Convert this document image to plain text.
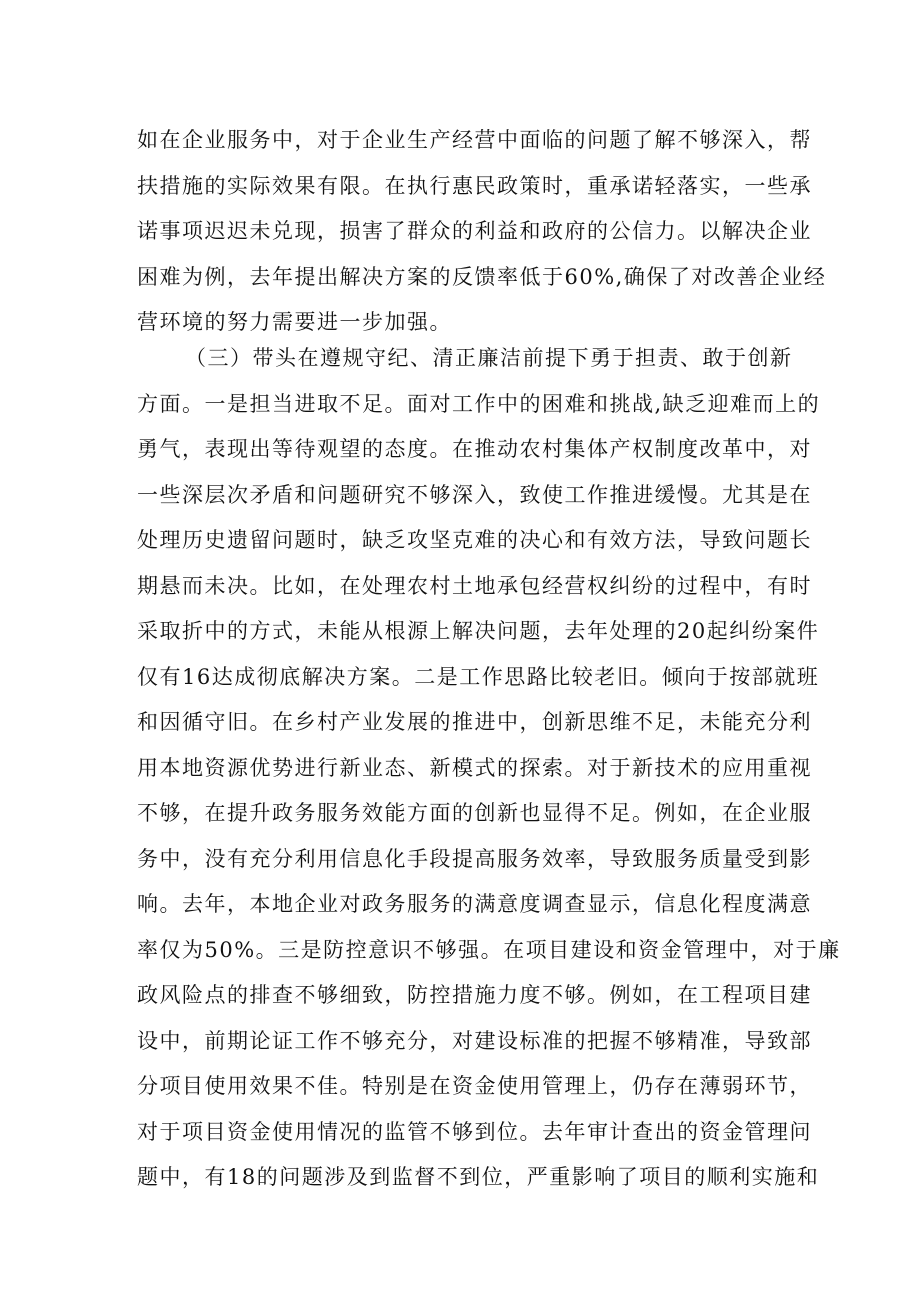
如在企业服务中，对于企业生产经营中面临的问题了解不够深入，帮
扶措施的实际效果有限。在执行惠民政策时，重承诺轻落实，一些承
诺事项迟迟未兑现，损害了群众的利益和政府的公信力。以解决企业
困难为例，去年提出解决方案的反馈率低于60%,确保了对改善企业经
营环境的努力需要进一步加强。
（三）带头在遵规守纪、清正廉洁前提下勇于担责、敢于创新
方面。一是担当进取不足。面对工作中的困难和挑战,缺乏迎难而上的
勇气，表现出等待观望的态度。在推动农村集体产权制度改革中，对
一些深层次矛盾和问题研究不够深入，致使工作推进缓慢。尤其是在
处理历史遗留问题时，缺乏攻坚克难的决心和有效方法，导致问题长
期悬而未决。比如，在处理农村土地承包经营权纠纷的过程中，有时
采取折中的方式，未能从根源上解决问题，去年处理的20起纠纷案件
仅有16达成彻底解决方案。二是工作思路比较老旧。倾向于按部就班
和因循守旧。在乡村产业发展的推进中，创新思维不足，未能充分利
用本地资源优势进行新业态、新模式的探索。对于新技术的应用重视
不够，在提升政务服务效能方面的创新也显得不足。例如，在企业服
务中，没有充分利用信息化手段提高服务效率，导致服务质量受到影
响。去年，本地企业对政务服务的满意度调查显示，信息化程度满意
率仅为50%。三是防控意识不够强。在项目建设和资金管理中，对于廉
政风险点的排查不够细致，防控措施力度不够。例如，在工程项目建
设中，前期论证工作不够充分，对建设标准的把握不够精准，导致部
分项目使用效果不佳。特别是在资金使用管理上，仍存在薄弱环节，
对于项目资金使用情况的监管不够到位。去年审计查出的资金管理问
题中，有18的问题涉及到监督不到位，严重影响了项目的顺利实施和
